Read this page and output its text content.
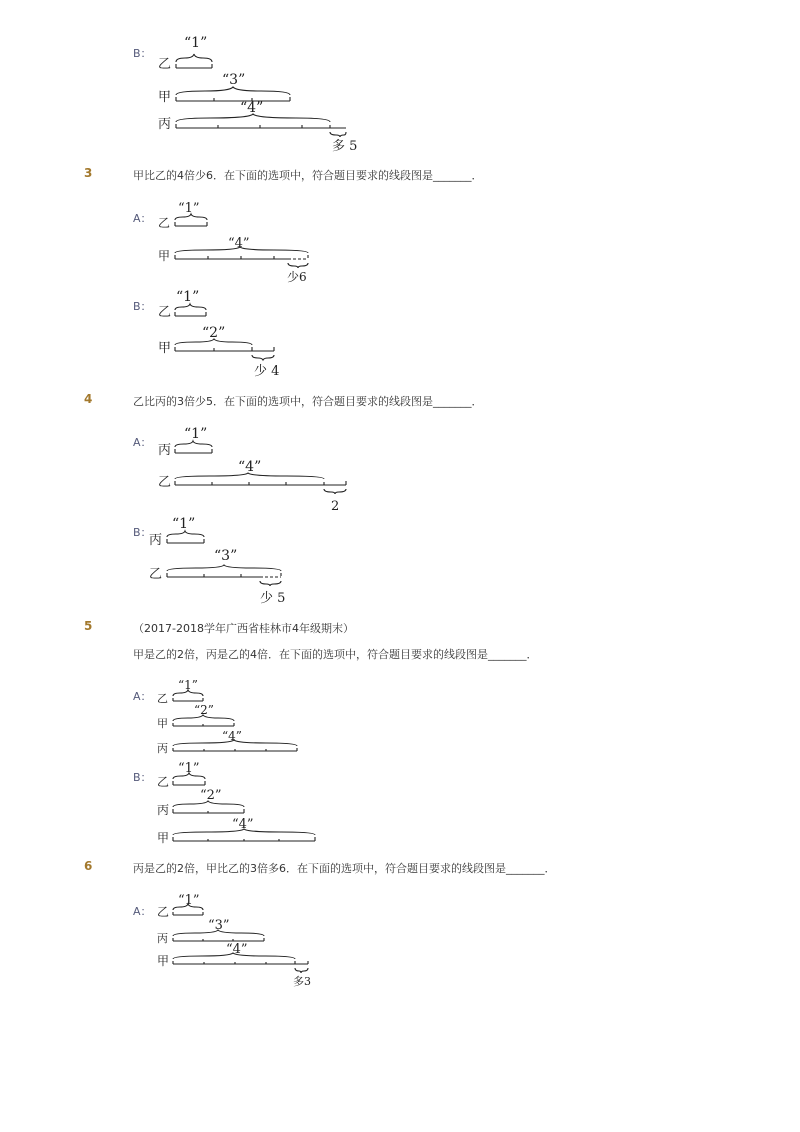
B：
“1”
乙
“3”
甲
“4”
丙
多 5
3	甲比乙的4倍少6．在下面的选项中，符合题目要求的线段图是_______．
A：
“1”
乙
“4”
甲
少6
B：
“1”
乙
“2”
甲
少 4
4	乙比丙的3倍少5．在下面的选项中，符合题目要求的线段图是_______．
A：
“1”
丙
“4”
乙
2
B：
“1”
丙
“3”
乙
少 5
5	（2017-2018学年广西省桂林市4年级期末）
甲是乙的2倍，丙是乙的4倍．在下面的选项中，符合题目要求的线段图是_______．
A：
“1”
乙
“2”
甲
“4”
丙
B：
“1”
乙
“2”
丙
“4”
甲
6	丙是乙的2倍，甲比乙的3倍多6．在下面的选项中，符合题目要求的线段图是_______．
A：
“1”
乙
“3”
丙
“4”
甲
多3
